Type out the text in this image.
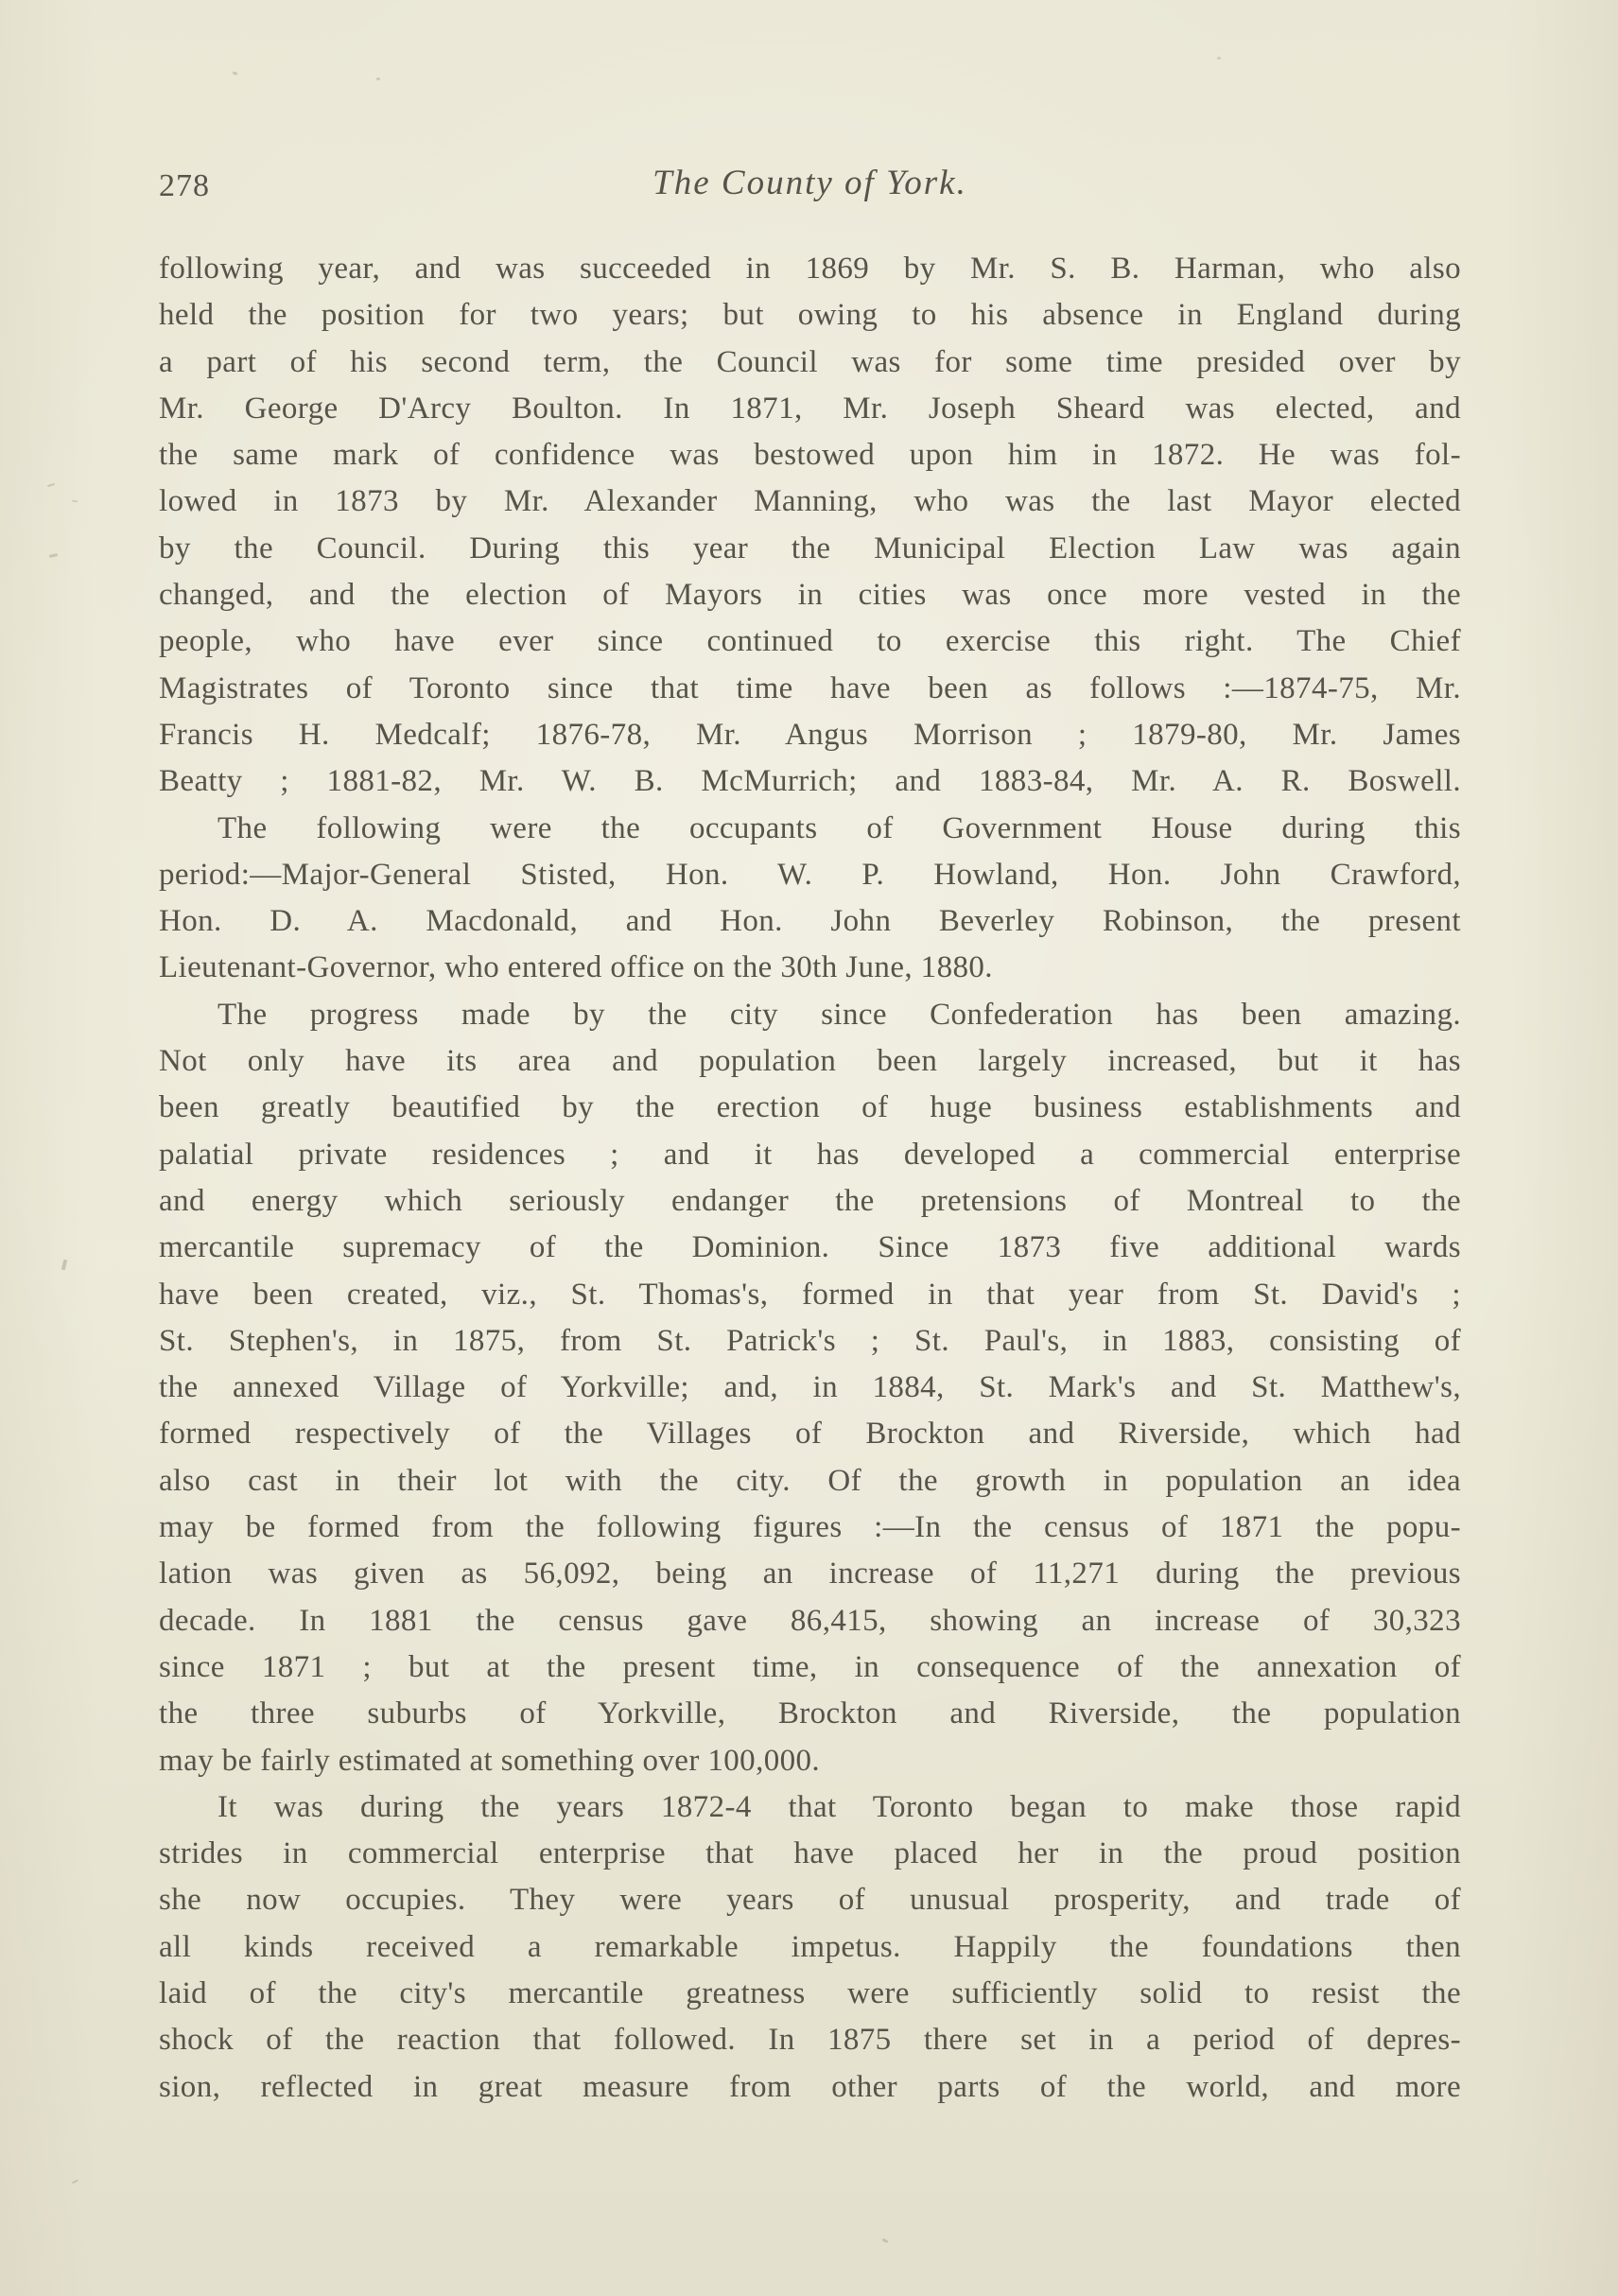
278	The County of York.
following year, and was succeeded in 1869 by Mr. S. B. Harman, who also
held the position for two years; but owing to his absence in England during
a part of his second term, the Council was for some time presided over by
Mr. George D'Arcy Boulton. In 1871, Mr. Joseph Sheard was elected, and
the same mark of confidence was bestowed upon him in 1872. He was fol-
lowed in 1873 by Mr. Alexander Manning, who was the last Mayor elected
by the Council. During this year the Municipal Election Law was again
changed, and the election of Mayors in cities was once more vested in the
people, who have ever since continued to exercise this right. The Chief
Magistrates of Toronto since that time have been as follows :—1874-75, Mr.
Francis H. Medcalf; 1876-78, Mr. Angus Morrison ; 1879-80, Mr. James
Beatty ; 1881-82, Mr. W. B. McMurrich; and 1883-84, Mr. A. R. Boswell.
The following were the occupants of Government House during this
period:—Major-General Stisted, Hon. W. P. Howland, Hon. John Crawford,
Hon. D. A. Macdonald, and Hon. John Beverley Robinson, the present
Lieutenant-Governor, who entered office on the 30th June, 1880.
The progress made by the city since Confederation has been amazing.
Not only have its area and population been largely increased, but it has
been greatly beautified by the erection of huge business establishments and
palatial private residences ; and it has developed a commercial enterprise
and energy which seriously endanger the pretensions of Montreal to the
mercantile supremacy of the Dominion. Since 1873 five additional wards
have been created, viz., St. Thomas's, formed in that year from St. David's ;
St. Stephen's, in 1875, from St. Patrick's ; St. Paul's, in 1883, consisting of
the annexed Village of Yorkville; and, in 1884, St. Mark's and St. Matthew's,
formed respectively of the Villages of Brockton and Riverside, which had
also cast in their lot with the city. Of the growth in population an idea
may be formed from the following figures :—In the census of 1871 the popu-
lation was given as 56,092, being an increase of 11,271 during the previous
decade. In 1881 the census gave 86,415, showing an increase of 30,323
since 1871 ; but at the present time, in consequence of the annexation of
the three suburbs of Yorkville, Brockton and Riverside, the population
may be fairly estimated at something over 100,000.
It was during the years 1872-4 that Toronto began to make those rapid
strides in commercial enterprise that have placed her in the proud position
she now occupies. They were years of unusual prosperity, and trade of
all kinds received a remarkable impetus. Happily the foundations then
laid of the city's mercantile greatness were sufficiently solid to resist the
shock of the reaction that followed. In 1875 there set in a period of depres-
sion, reflected in great measure from other parts of the world, and more
